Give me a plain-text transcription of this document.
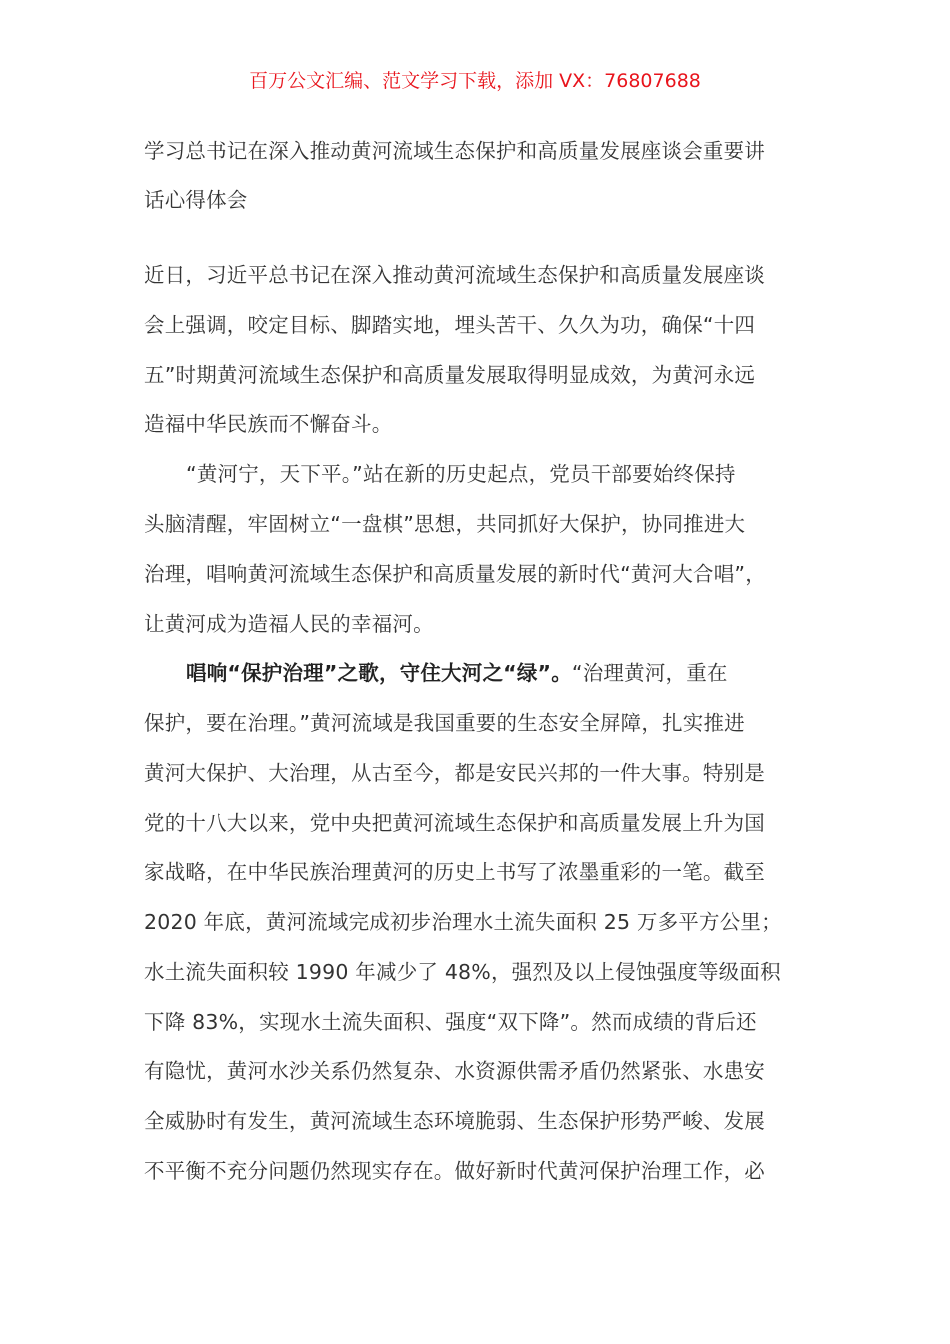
百万公文汇编、范文学习下载，添加 VX：76807688
学习总书记在深入推动黄河流域生态保护和高质量发展座谈会重要讲
话心得体会
近日，习近平总书记在深入推动黄河流域生态保护和高质量发展座谈
会上强调，咬定目标、脚踏实地，埋头苦干、久久为功，确保“十四
五”时期黄河流域生态保护和高质量发展取得明显成效，为黄河永远
造福中华民族而不懈奋斗。
“黄河宁，天下平。”站在新的历史起点，党员干部要始终保持
头脑清醒，牢固树立“一盘棋”思想，共同抓好大保护，协同推进大
治理，唱响黄河流域生态保护和高质量发展的新时代“黄河大合唱”，
让黄河成为造福人民的幸福河。
唱响“保护治理”之歌，守住大河之“绿”。“治理黄河，重在
保护，要在治理。”黄河流域是我国重要的生态安全屏障，扎实推进
黄河大保护、大治理，从古至今，都是安民兴邦的一件大事。特别是
党的十八大以来，党中央把黄河流域生态保护和高质量发展上升为国
家战略，在中华民族治理黄河的历史上书写了浓墨重彩的一笔。截至
2020 年底，黄河流域完成初步治理水土流失面积 25 万多平方公里；
水土流失面积较 1990 年减少了 48%，强烈及以上侵蚀强度等级面积
下降 83%，实现水土流失面积、强度“双下降”。然而成绩的背后还
有隐忧，黄河水沙关系仍然复杂、水资源供需矛盾仍然紧张、水患安
全威胁时有发生，黄河流域生态环境脆弱、生态保护形势严峻、发展
不平衡不充分问题仍然现实存在。做好新时代黄河保护治理工作，必
